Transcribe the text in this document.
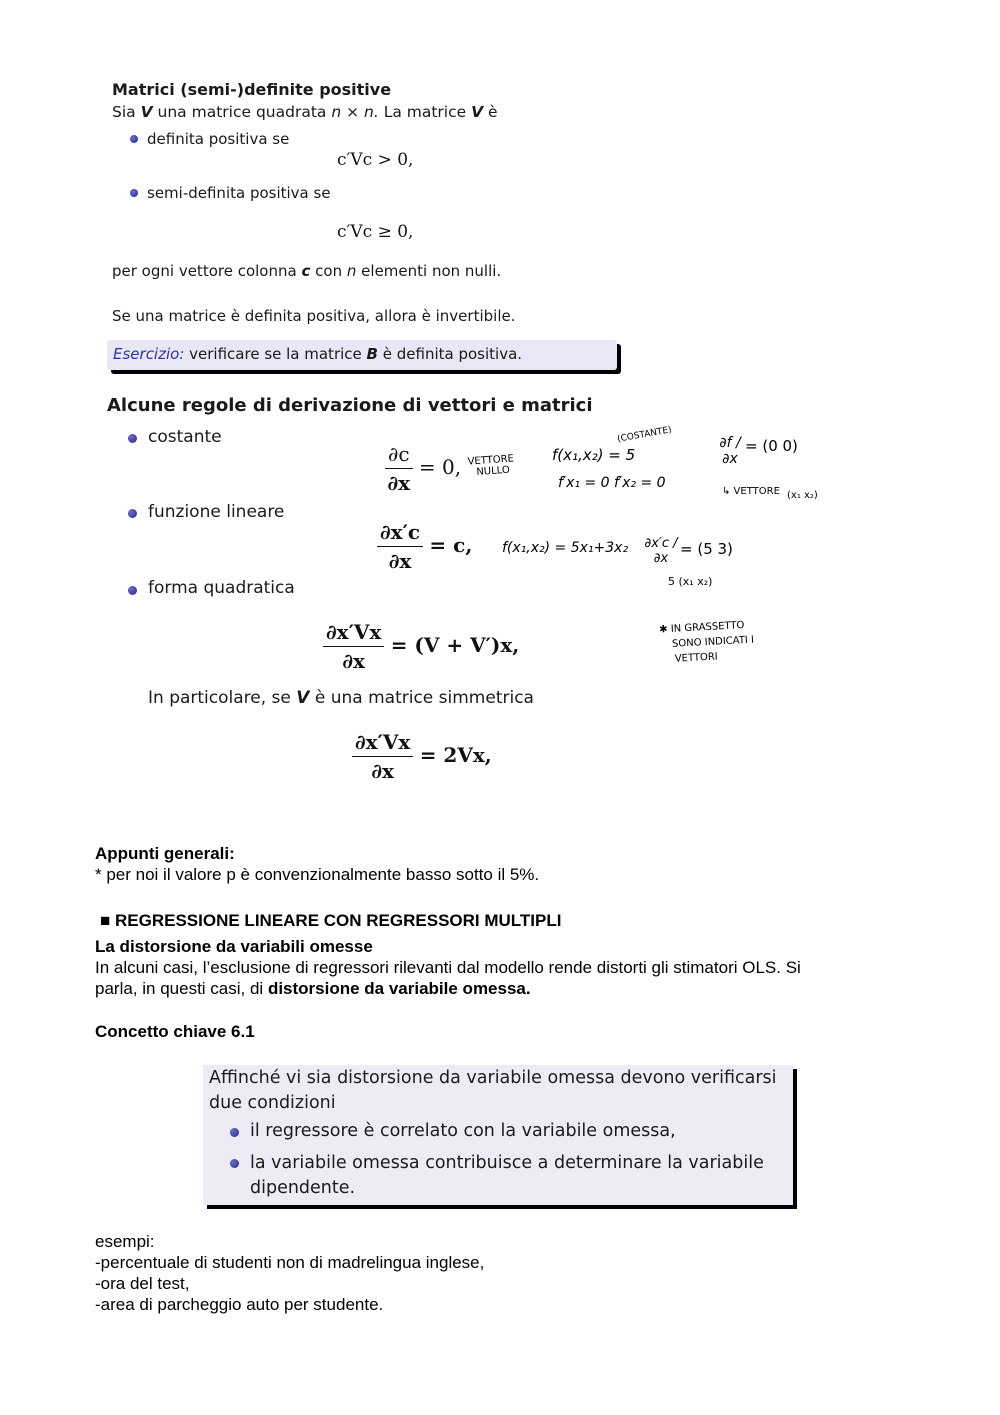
Matrici (semi-)definite positive
Sia V una matrice quadrata n × n. La matrice V è
definita positiva se
c′Vc > 0,
semi-definita positiva se
c′Vc ≥ 0,
per ogni vettore colonna c con n elementi non nulli.
Se una matrice è definita positiva, allora è invertibile.
Esercizio: verificare se la matrice B è definita positiva.
Alcune regole di derivazione di vettori e matrici
costante
funzione lineare
forma quadratica
$\frac{\partial c}{\partial x} = 0$,
$\frac{\partial x'c}{\partial x} = c$,
$\frac{\partial x'Vx}{\partial x} = (V + V')x$,
In particolare, se V è una matrice simmetrica
$\frac{\partial x'Vx}{\partial x} = 2Vx$,
VETTORE
NULLO
f(x₁,x₂) = 5
(COSTANTE)
f′x₁ = 0 f′x₂ = 0
∂f / ∂x
= (0 0)
↳ VETTORE (x₁ x₂)
f(x₁,x₂) = 5x₁+3x₂	∂x′c / ∂x
= (5 3)
5 (x₁ x₂)
✱ IN GRASSETTO
SONO INDICATI I
VETTORI
Appunti generali:
* per noi il valore p è convenzionalmente basso sotto il 5%.
■ REGRESSIONE LINEARE CON REGRESSORI MULTIPLI
La distorsione da variabili omesse
In alcuni casi, l’esclusione di regressori rilevanti dal modello rende distorti gli stimatori OLS. Si
parla, in questi casi, di distorsione da variabile omessa.
Concetto chiave 6.1
Affinché vi sia distorsione da variabile omessa devono verificarsi
due condizioni
il regressore è correlato con la variabile omessa,
la variabile omessa contribuisce a determinare la variabile
dipendente.
esempi:
-percentuale di studenti non di madrelingua inglese,
-ora del test,
-area di parcheggio auto per studente.
